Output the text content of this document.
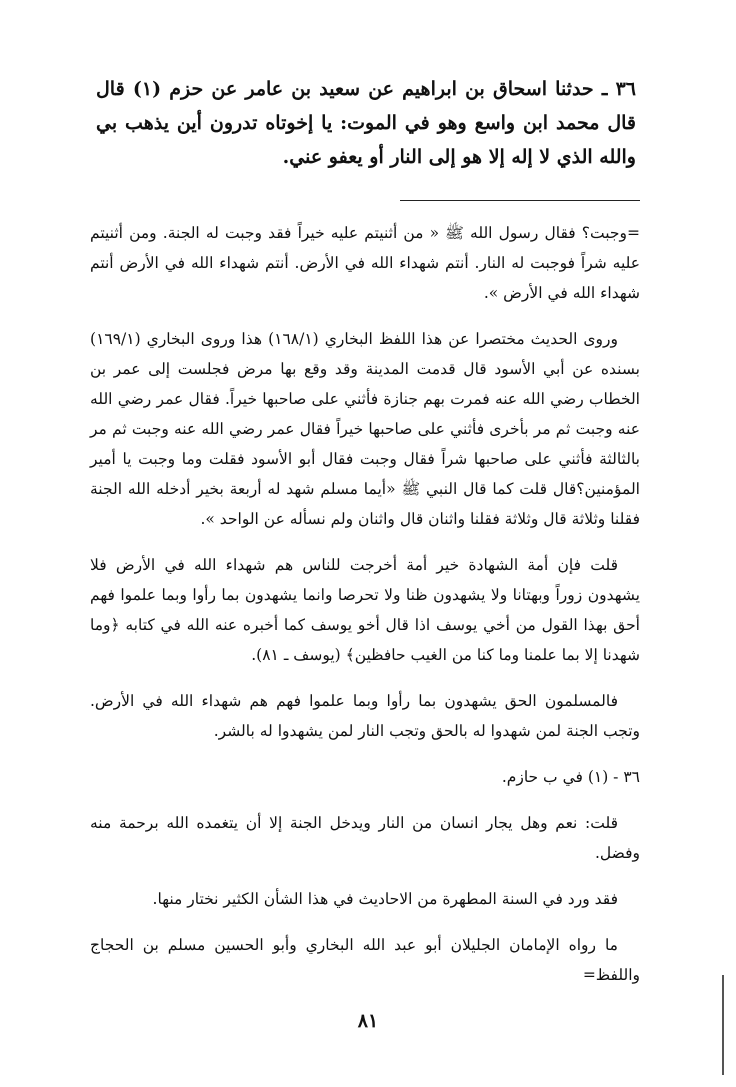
٣٦ ـ حدثنا اسحاق بن ابراهيم عن سعيد بن عامر عن حزم (١) قال قال محمد ابن واسع وهو في الموت: يا إخوتاه تدرون أين يذهب بي والله الذي لا إله إلا هو إلى النار أو يعفو عني.

=وجبت؟ فقال رسول الله ﷺ « من أثنيتم عليه خيراً فقد وجبت له الجنة. ومن أثنيتم عليه شراً فوجبت له النار. أنتم شهداء الله في الأرض. أنتم شهداء الله في الأرض أنتم شهداء الله في الأرض ».

وروى الحديث مختصرا عن هذا اللفظ البخاري (١٦٨/١) هذا وروى البخاري (١٦٩/١) بسنده عن أبي الأسود قال قدمت المدينة وقد وقع بها مرض فجلست إلى عمر بن الخطاب رضي الله عنه فمرت بهم جنازة فأثني على صاحبها خيراً. فقال عمر رضي الله عنه وجبت ثم مر بأخرى فأثني على صاحبها خيراً فقال عمر رضي الله عنه وجبت ثم مر بالثالثة فأثني على صاحبها شراً فقال وجبت فقال أبو الأسود فقلت وما وجبت يا أمير المؤمنين؟قال قلت كما قال النبي ﷺ «أيما مسلم شهد له أربعة بخير أدخله الله الجنة فقلنا وثلاثة قال وثلاثة فقلنا واثنان قال واثنان ولم نسأله عن الواحد ».

قلت فإن أمة الشهادة خير أمة أخرجت للناس هم شهداء الله في الأرض فلا يشهدون زوراً وبهتانا ولا يشهدون ظنا ولا تحرصا وانما يشهدون بما رأوا وبما علموا فهم أحق بهذا القول من أخي يوسف اذا قال أخو يوسف كما أخبره عنه الله في كتابه ﴿وما شهدنا إلا بما علمنا وما كنا من الغيب حافظين﴾ (يوسف ـ ٨١).

فالمسلمون الحق يشهدون بما رأوا وبما علموا فهم هم شهداء الله في الأرض. وتجب الجنة لمن شهدوا له بالحق وتجب النار لمن يشهدوا له بالشر.

٣٦ - (١) في ب حازم.

قلت: نعم وهل يجار انسان من النار ويدخل الجنة إلا أن يتغمده الله برحمة منه وفضل.

فقد ورد في السنة المطهرة من الاحاديث في هذا الشأن الكثير نختار منها.

ما رواه الإمامان الجليلان أبو عبد الله البخاري وأبو الحسين مسلم بن الحجاج واللفظ=

٨١
